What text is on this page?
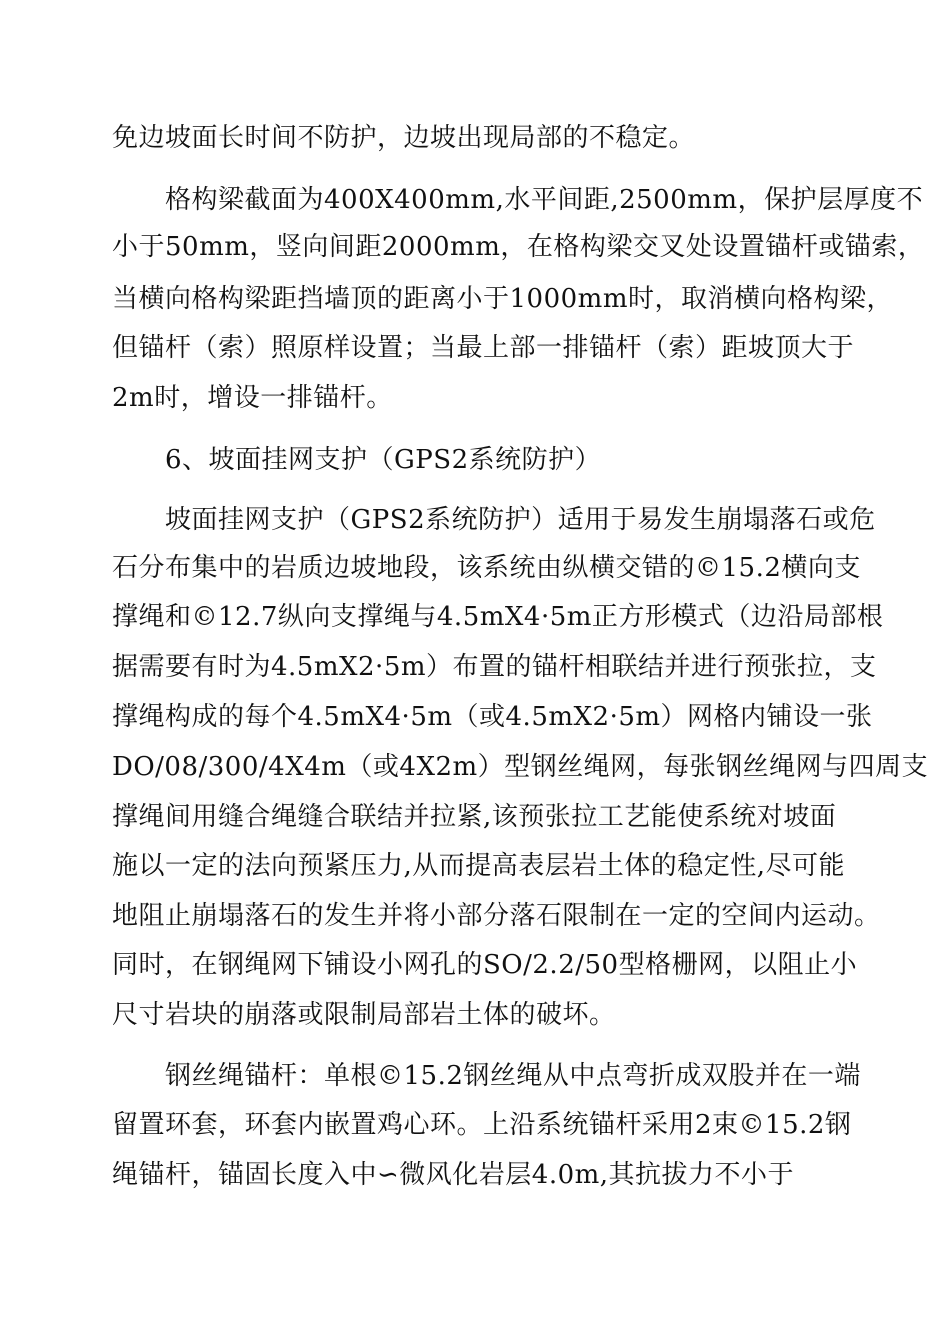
免边坡面长时间不防护，边坡出现局部的不稳定。
格构梁截面为400X400mm,水平间距,2500mm，保护层厚度不
小于50mm，竖向间距2000mm，在格构梁交叉处设置锚杆或锚索，
当横向格构梁距挡墙顶的距离小于1000mm时，取消横向格构梁，
但锚杆（索）照原样设置；当最上部一排锚杆（索）距坡顶大于
2m时，增设一排锚杆。
6、坡面挂网支护（GPS2系统防护）
坡面挂网支护（GPS2系统防护）适用于易发生崩塌落石或危
石分布集中的岩质边坡地段，该系统由纵横交错的©15.2横向支
撑绳和©12.7纵向支撑绳与4.5mX4·5m正方形模式（边沿局部根
据需要有时为4.5mX2·5m）布置的锚杆相联结并进行预张拉，支
撑绳构成的每个4.5mX4·5m（或4.5mX2·5m）网格内铺设一张
DO/08/300/4X4m（或4X2m）型钢丝绳网，每张钢丝绳网与四周支
撑绳间用缝合绳缝合联结并拉紧,该预张拉工艺能使系统对坡面
施以一定的法向预紧压力,从而提高表层岩土体的稳定性,尽可能
地阻止崩塌落石的发生并将小部分落石限制在一定的空间内运动。
同时，在钢绳网下铺设小网孔的SO/2.2/50型格栅网，以阻止小
尺寸岩块的崩落或限制局部岩土体的破坏。
钢丝绳锚杆：单根©15.2钢丝绳从中点弯折成双股并在一端
留置环套，环套内嵌置鸡心环。上沿系统锚杆采用2束©15.2钢
绳锚杆，锚固长度入中∽微风化岩层4.0m,其抗拔力不小于
